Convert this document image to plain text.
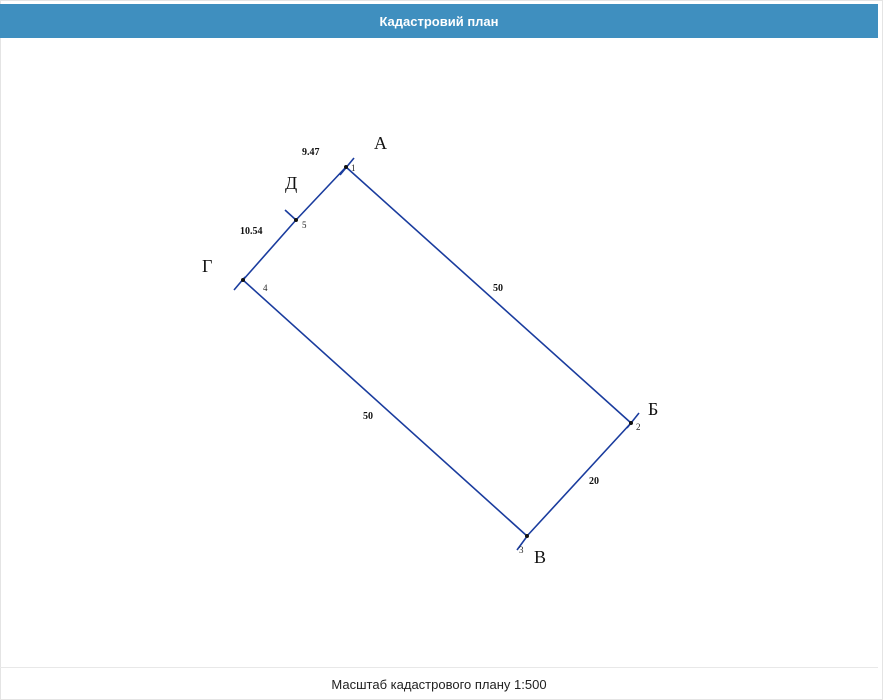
Кадастровий план
1
2
3
4
5
А
Б
В
Г
Д
50
20
50
10.54
9.47
Масштаб кадастрового плану 1:500
